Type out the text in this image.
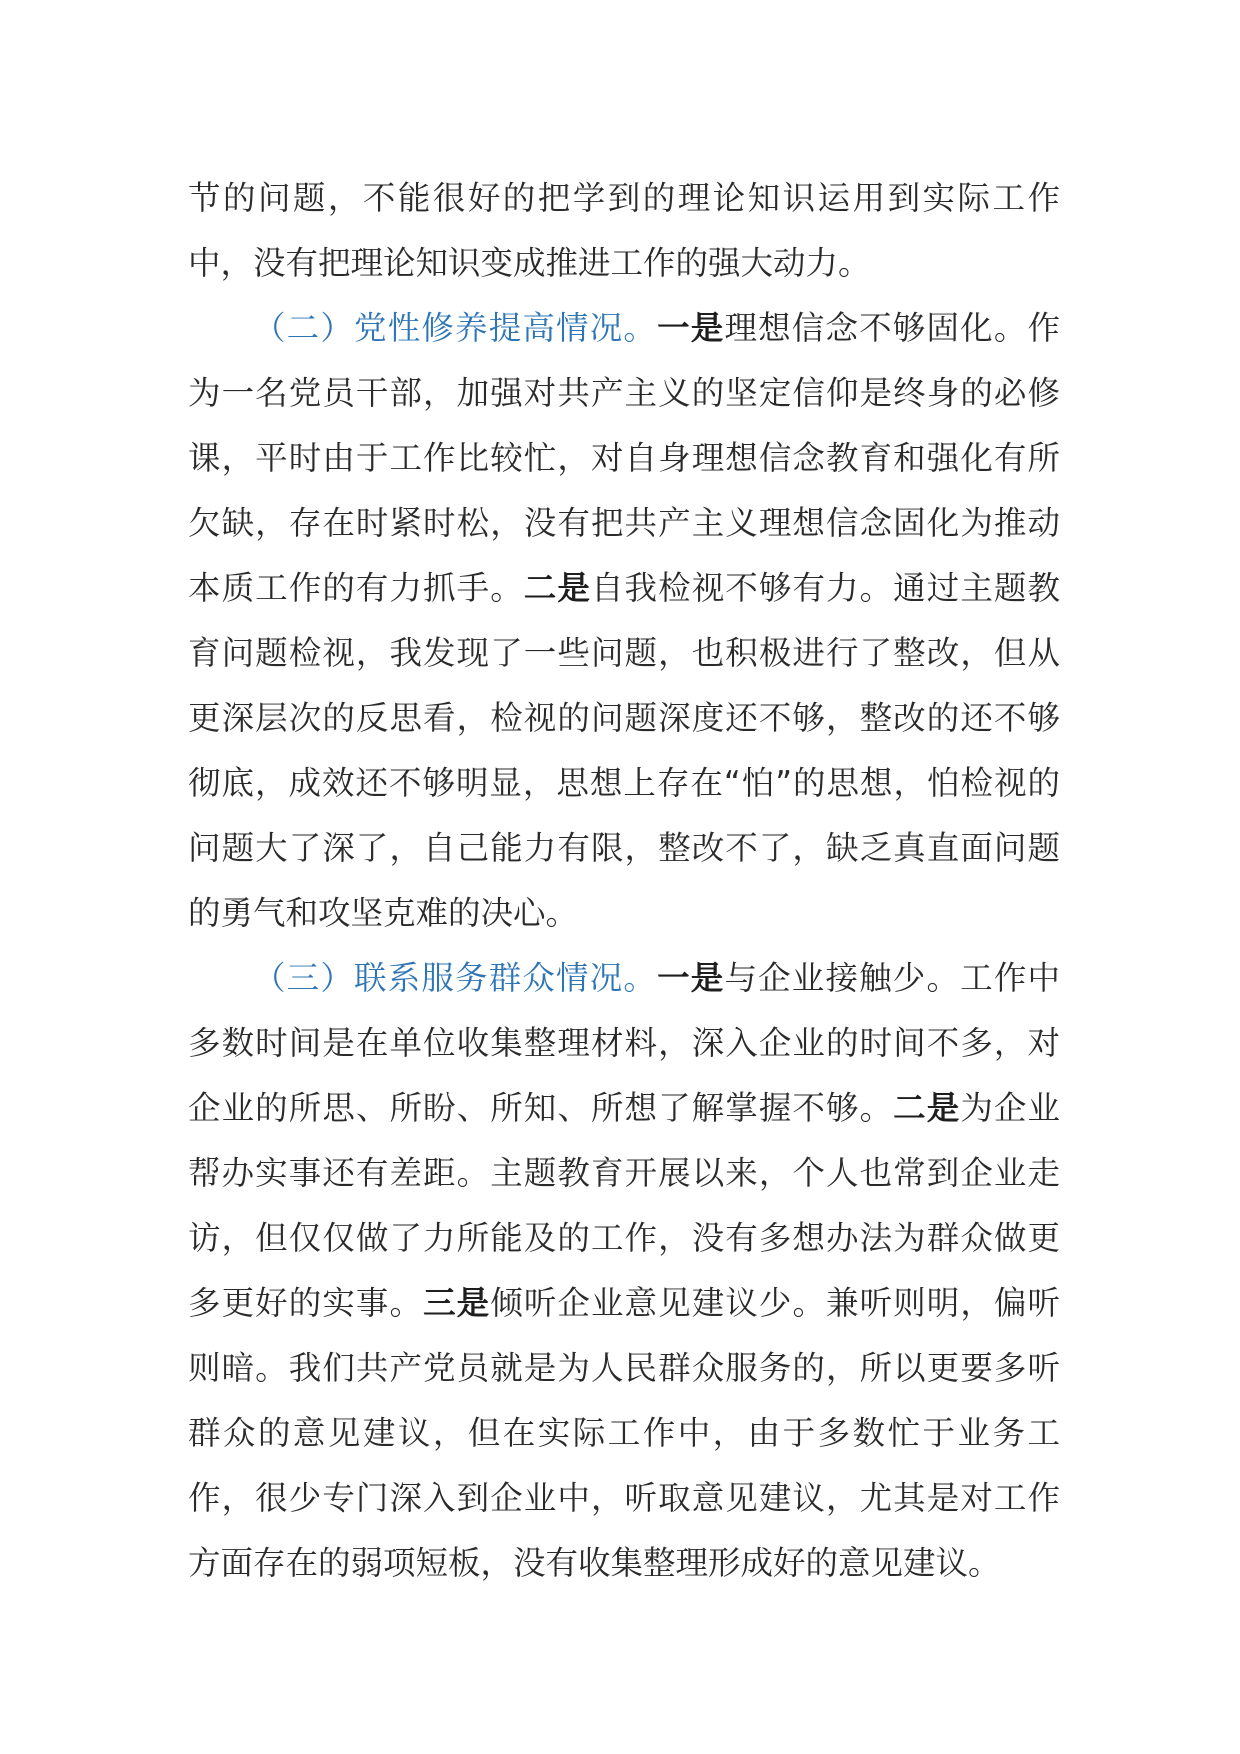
节的问题，不能很好的把学到的理论知识运用到实际工作中，没有把理论知识变成推进工作的强大动力。

（二）党性修养提高情况。一是理想信念不够固化。作为一名党员干部，加强对共产主义的坚定信仰是终身的必修课，平时由于工作比较忙，对自身理想信念教育和强化有所欠缺，存在时紧时松，没有把共产主义理想信念固化为推动本质工作的有力抓手。二是自我检视不够有力。通过主题教育问题检视，我发现了一些问题，也积极进行了整改，但从更深层次的反思看，检视的问题深度还不够，整改的还不够彻底，成效还不够明显，思想上存在“怕”的思想，怕检视的问题大了深了，自己能力有限，整改不了，缺乏真直面问题的勇气和攻坚克难的决心。

（三）联系服务群众情况。一是与企业接触少。工作中多数时间是在单位收集整理材料，深入企业的时间不多，对企业的所思、所盼、所知、所想了解掌握不够。二是为企业帮办实事还有差距。主题教育开展以来，个人也常到企业走访，但仅仅做了力所能及的工作，没有多想办法为群众做更多更好的实事。三是倾听企业意见建议少。兼听则明，偏听则暗。我们共产党员就是为人民群众服务的，所以更要多听群众的意见建议，但在实际工作中，由于多数忙于业务工作，很少专门深入到企业中，听取意见建议，尤其是对工作方面存在的弱项短板，没有收集整理形成好的意见建议。
